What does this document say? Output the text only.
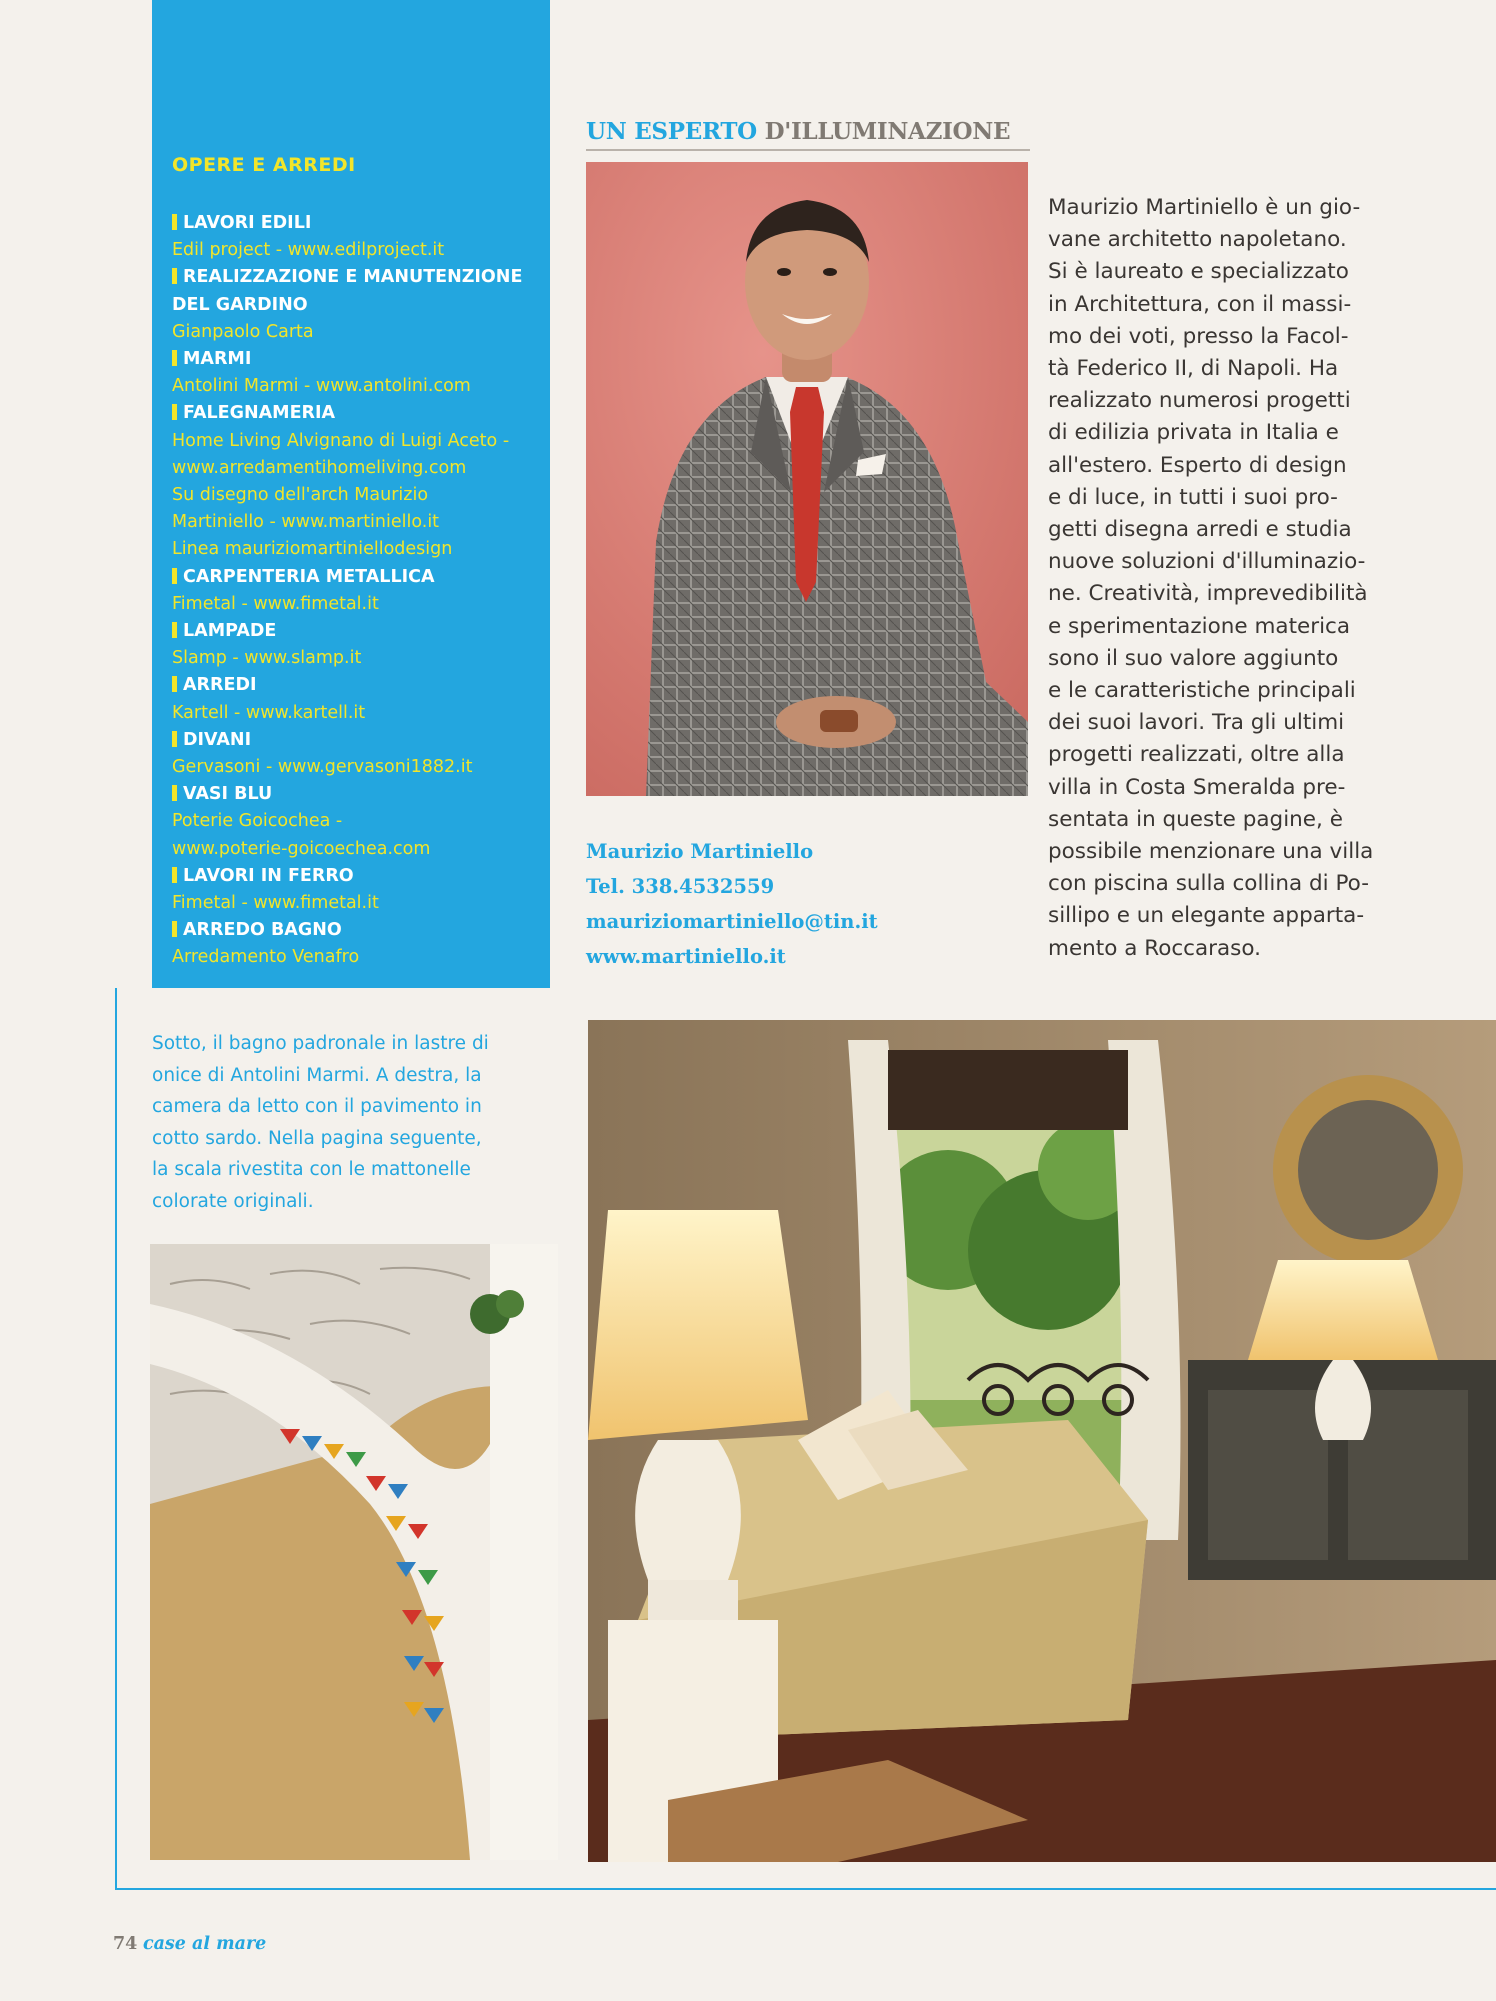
OPERE E ARREDI
LAVORI EDILI
Edil project - www.edilproject.it
REALIZZAZIONE E MANUTENZIONE
DEL GARDINO
Gianpaolo Carta
MARMI
Antolini Marmi - www.antolini.com
FALEGNAMERIA
Home Living Alvignano di Luigi Aceto -
www.arredamentihomeliving.com
Su disegno dell'arch Maurizio
Martiniello - www.martiniello.it
Linea mauriziomartiniellodesign
CARPENTERIA METALLICA
Fimetal - www.fimetal.it
LAMPADE
Slamp - www.slamp.it
ARREDI
Kartell - www.kartell.it
DIVANI
Gervasoni - www.gervasoni1882.it
VASI BLU
Poterie Goicochea -
www.poterie-goicoechea.com
LAVORI IN FERRO
Fimetal - www.fimetal.it
ARREDO BAGNO
Arredamento Venafro
UN ESPERTO D'ILLUMINAZIONE
Maurizio Martiniello è un gio-
vane architetto napoletano.
Si è laureato e specializzato
in Architettura, con il massi-
mo dei voti, presso la Facol-
tà Federico II, di Napoli. Ha
realizzato numerosi progetti
di edilizia privata in Italia e
all'estero. Esperto di design
e di luce, in tutti i suoi pro-
getti disegna arredi e studia
nuove soluzioni d'illuminazio-
ne. Creatività, imprevedibilità
e sperimentazione materica
sono il suo valore aggiunto
e le caratteristiche principali
dei suoi lavori. Tra gli ultimi
progetti realizzati, oltre alla
villa in Costa Smeralda pre-
sentata in queste pagine, è
possibile menzionare una villa
con piscina sulla collina di Po-
sillipo e un elegante apparta-
mento a Roccaraso.
Maurizio Martiniello
Tel. 338.4532559
mauriziomartiniello@tin.it
www.martiniello.it
Sotto, il bagno padronale in lastre di
onice di Antolini Marmi. A destra, la
camera da letto con il pavimento in
cotto sardo. Nella pagina seguente,
la scala rivestita con le mattonelle
colorate originali.
74 case al mare
